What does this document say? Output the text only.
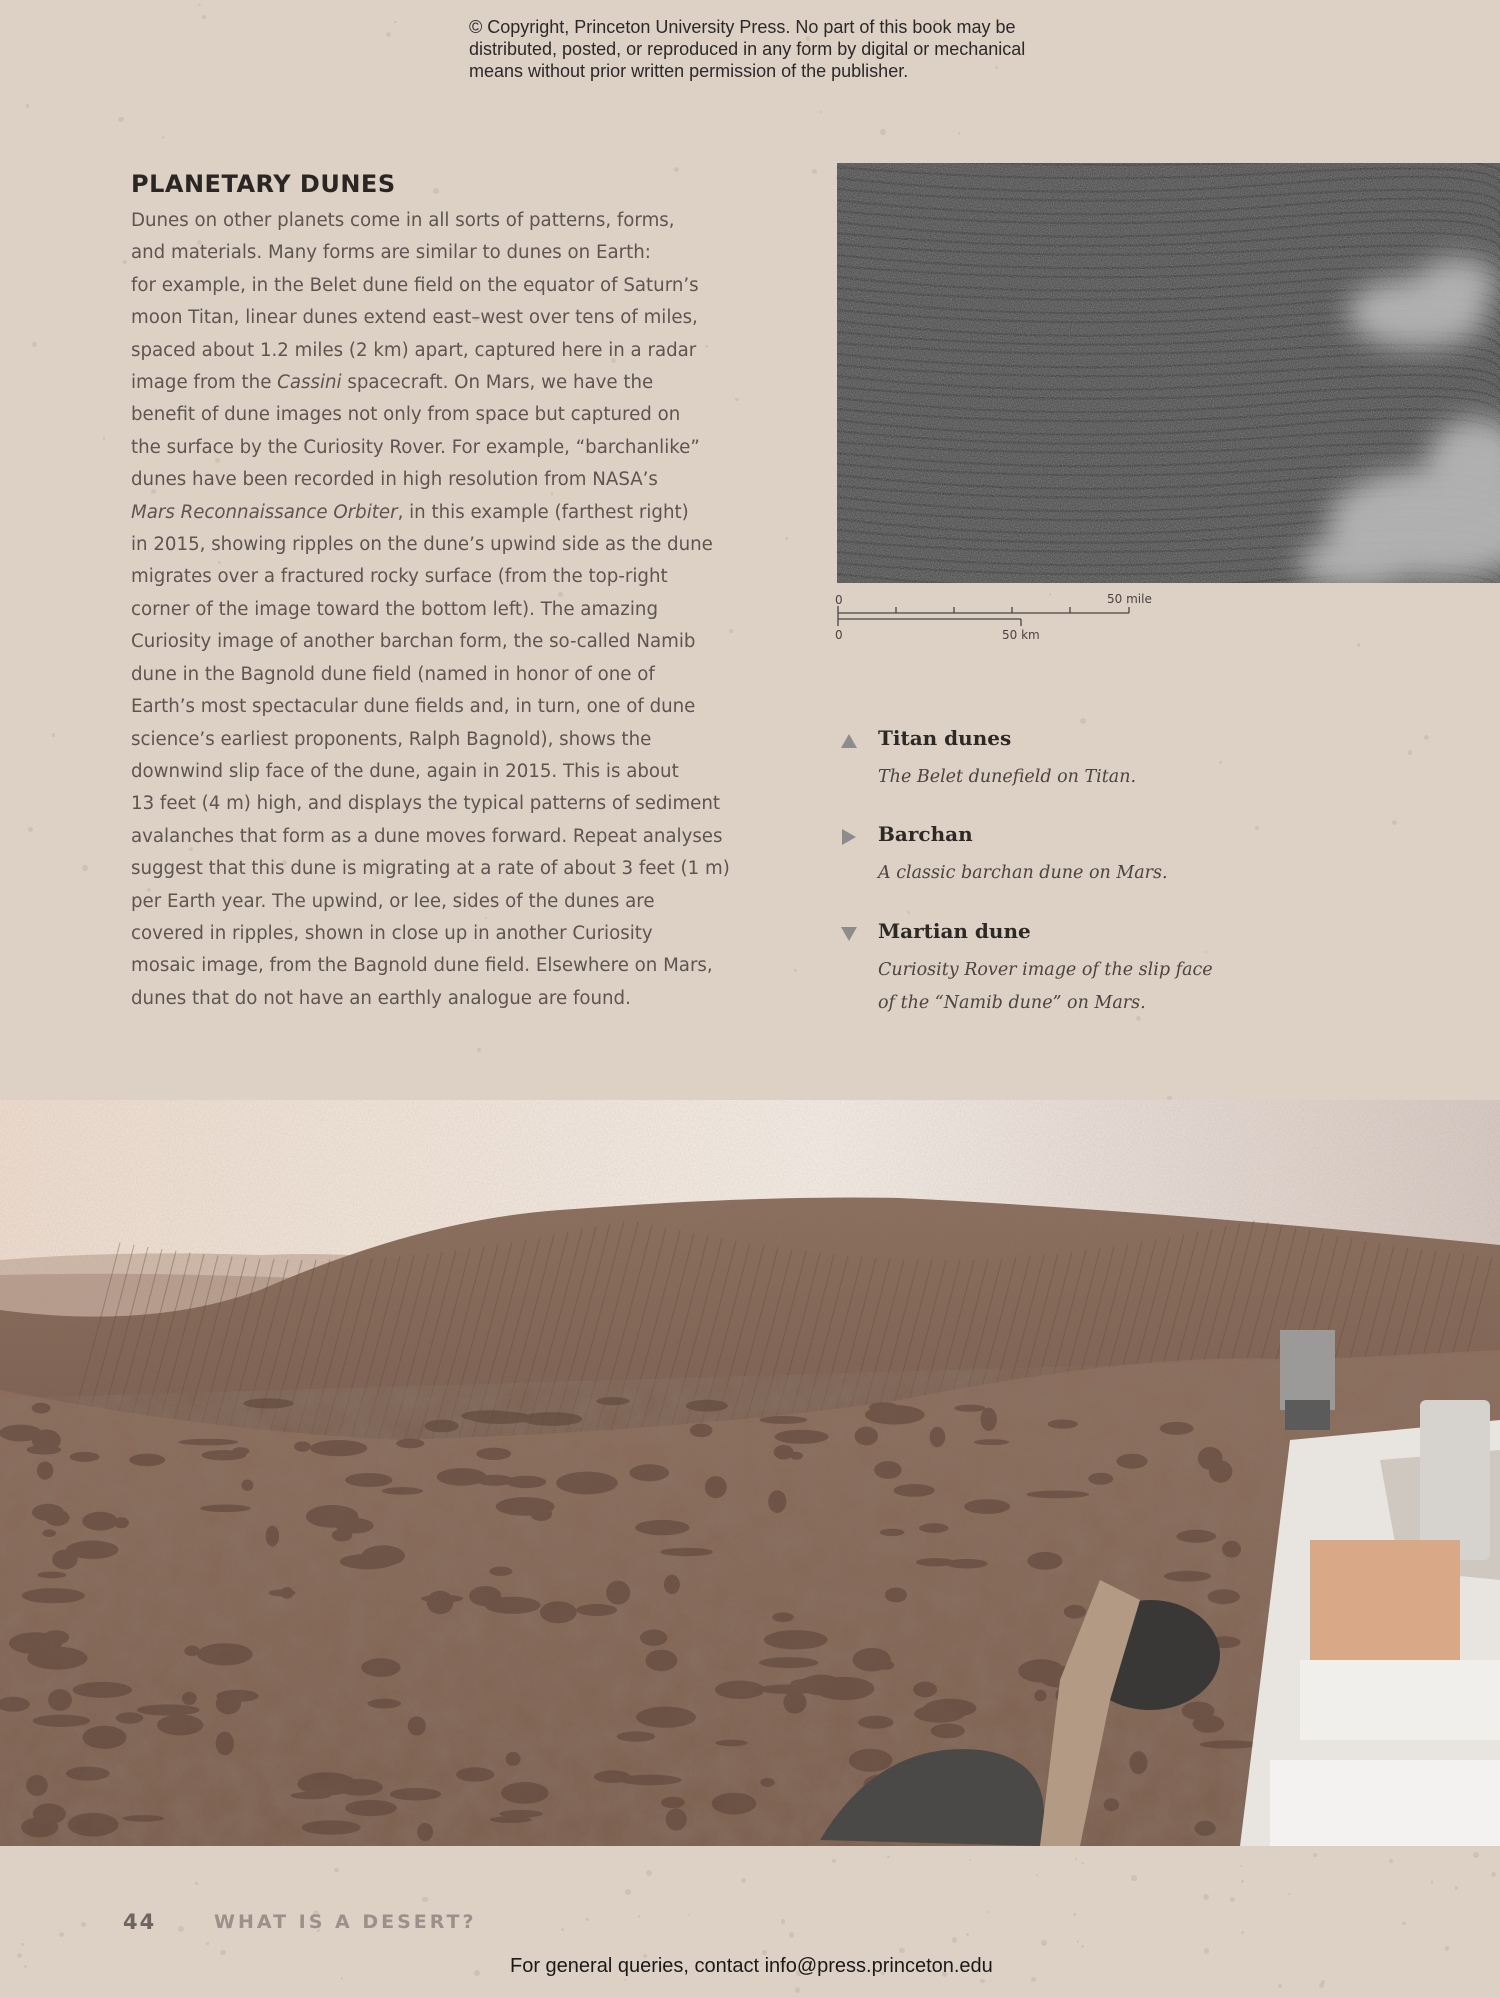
© Copyright, Princeton University Press. No part of this book may be
distributed, posted, or reproduced in any form by digital or mechanical
means without prior written permission of the publisher.
PLANETARY DUNES
Dunes on other planets come in all sorts of patterns, forms,
and materials. Many forms are similar to dunes on Earth:
for example, in the Belet dune field on the equator of Saturn’s
moon Titan, linear dunes extend east–west over tens of miles,
spaced about 1.2 miles (2 km) apart, captured here in a radar
image from the Cassini spacecraft. On Mars, we have the
benefit of dune images not only from space but captured on
the surface by the Curiosity Rover. For example, “barchanlike”
dunes have been recorded in high resolution from NASA’s
Mars Reconnaissance Orbiter, in this example (farthest right)
in 2015, showing ripples on the dune’s upwind side as the dune
migrates over a fractured rocky surface (from the top-right
corner of the image toward the bottom left). The amazing
Curiosity image of another barchan form, the so-called Namib
dune in the Bagnold dune field (named in honor of one of
Earth’s most spectacular dune fields and, in turn, one of dune
science’s earliest proponents, Ralph Bagnold), shows the
downwind slip face of the dune, again in 2015. This is about
13 feet (4 m) high, and displays the typical patterns of sediment
avalanches that form as a dune moves forward. Repeat analyses
suggest that this dune is migrating at a rate of about 3 feet (1 m)
per Earth year. The upwind, or lee, sides of the dunes are
covered in ripples, shown in close up in another Curiosity
mosaic image, from the Bagnold dune field. Elsewhere on Mars,
dunes that do not have an earthly analogue are found.
0	50 mile
0	50 km
Titan dunes
The Belet dunefield on Titan.
Barchan
A classic barchan dune on Mars.
Martian dune
Curiosity Rover image of the slip face
of the “Namib dune” on Mars.
44	WHAT IS A DESERT?
For general queries, contact info@press.princeton.edu
